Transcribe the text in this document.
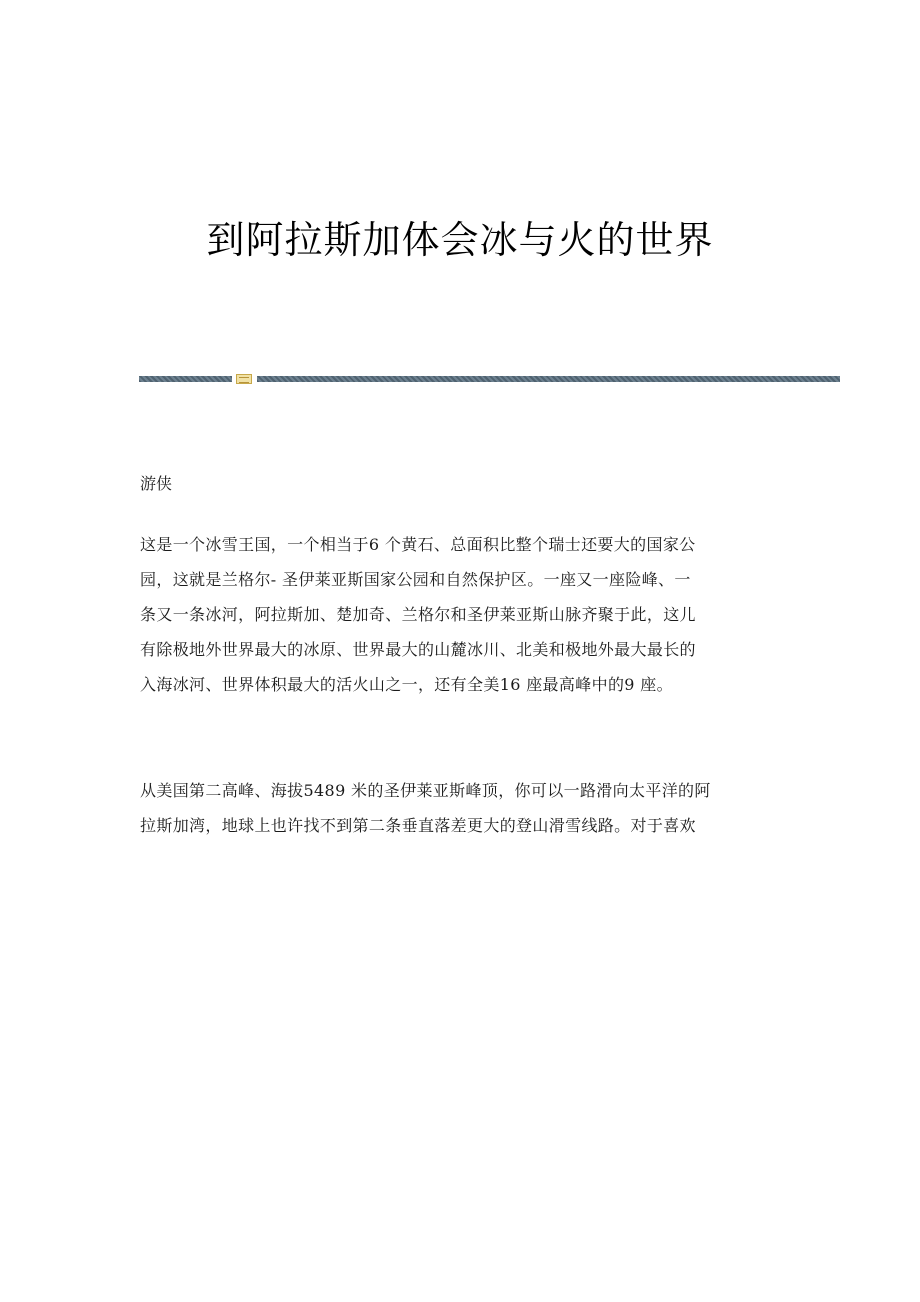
到阿拉斯加体会冰与火的世界

游侠

这是一个冰雪王国，一个相当于6 个黄石、总面积比整个瑞士还要大的国家公
园，这就是兰格尔- 圣伊莱亚斯国家公园和自然保护区。一座又一座险峰、一
条又一条冰河，阿拉斯加、楚加奇、兰格尔和圣伊莱亚斯山脉齐聚于此，这儿
有除极地外世界最大的冰原、世界最大的山麓冰川、北美和极地外最大最长的
入海冰河、世界体积最大的活火山之一，还有全美16 座最高峰中的9 座。
从美国第二高峰、海拔5489 米的圣伊莱亚斯峰顶，你可以一路滑向太平洋的阿
拉斯加湾，地球上也许找不到第二条垂直落差更大的登山滑雪线路。对于喜欢
